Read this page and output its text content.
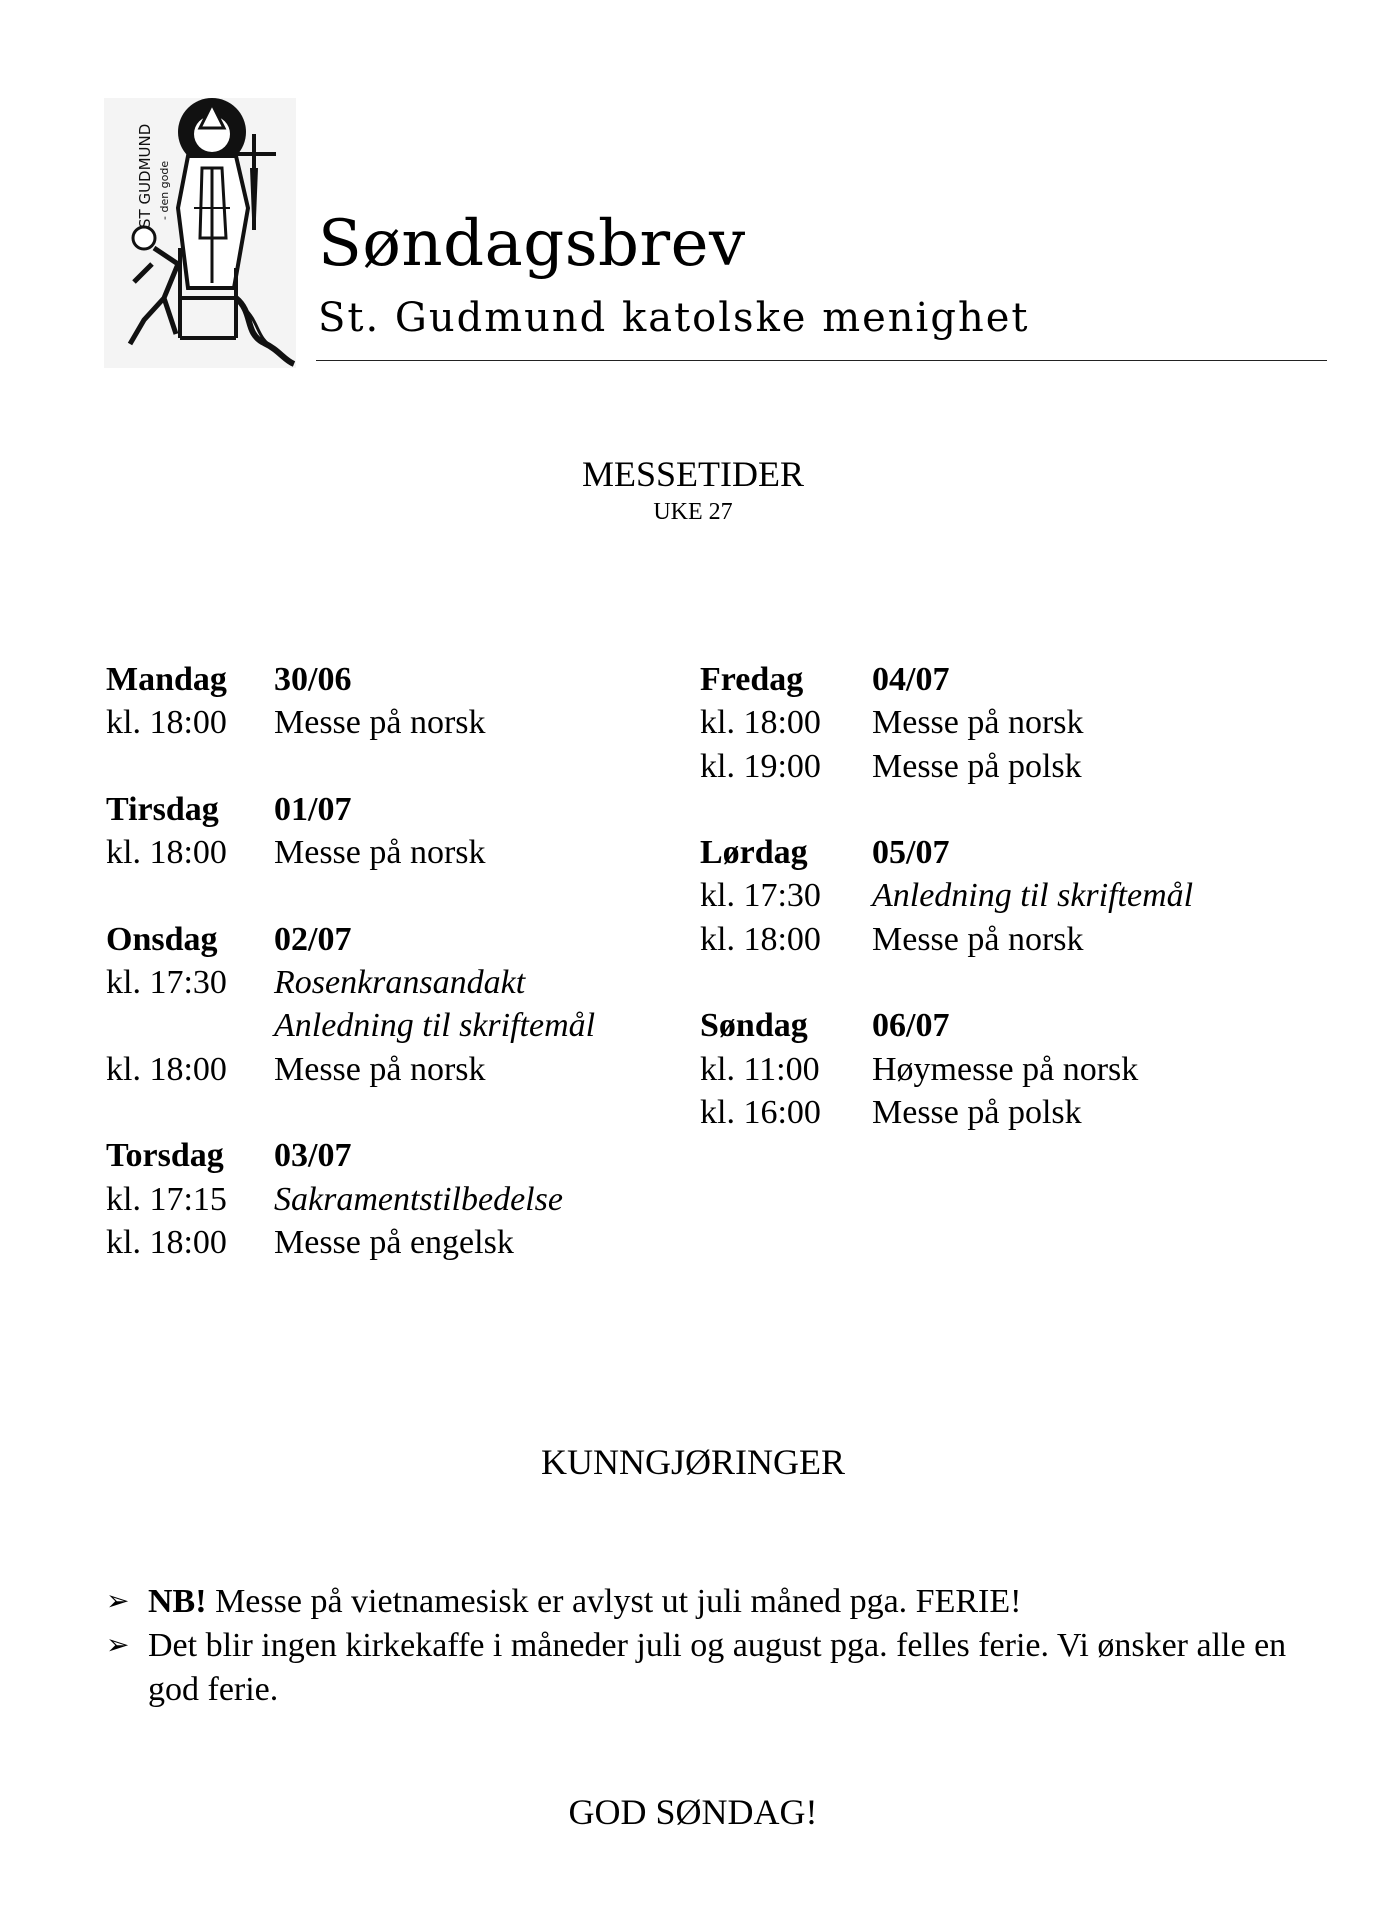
ST GUDMUND - den gode
Søndagsbrev
St. Gudmund katolske menighet
MESSETIDER
UKE 27
Mandag	30/06
kl. 18:00	Messe på norsk
Tirsdag	01/07
kl. 18:00	Messe på norsk
Onsdag	02/07
kl. 17:30	Rosenkransandakt
Anledning til skriftemål
kl. 18:00	Messe på norsk
Torsdag	03/07
kl. 17:15	Sakramentstilbedelse
kl. 18:00	Messe på engelsk
Fredag	04/07
kl. 18:00	Messe på norsk
kl. 19:00	Messe på polsk
Lørdag	05/07
kl. 17:30	Anledning til skriftemål
kl. 18:00	Messe på norsk
Søndag	06/07
kl. 11:00	Høymesse på norsk
kl. 16:00	Messe på polsk
KUNNGJØRINGER
➢ NB! Messe på vietnamesisk er avlyst ut juli måned pga. FERIE!
➢ Det blir ingen kirkekaffe i måneder juli og august pga. felles ferie. Vi ønsker alle en god ferie.
GOD SØNDAG!
